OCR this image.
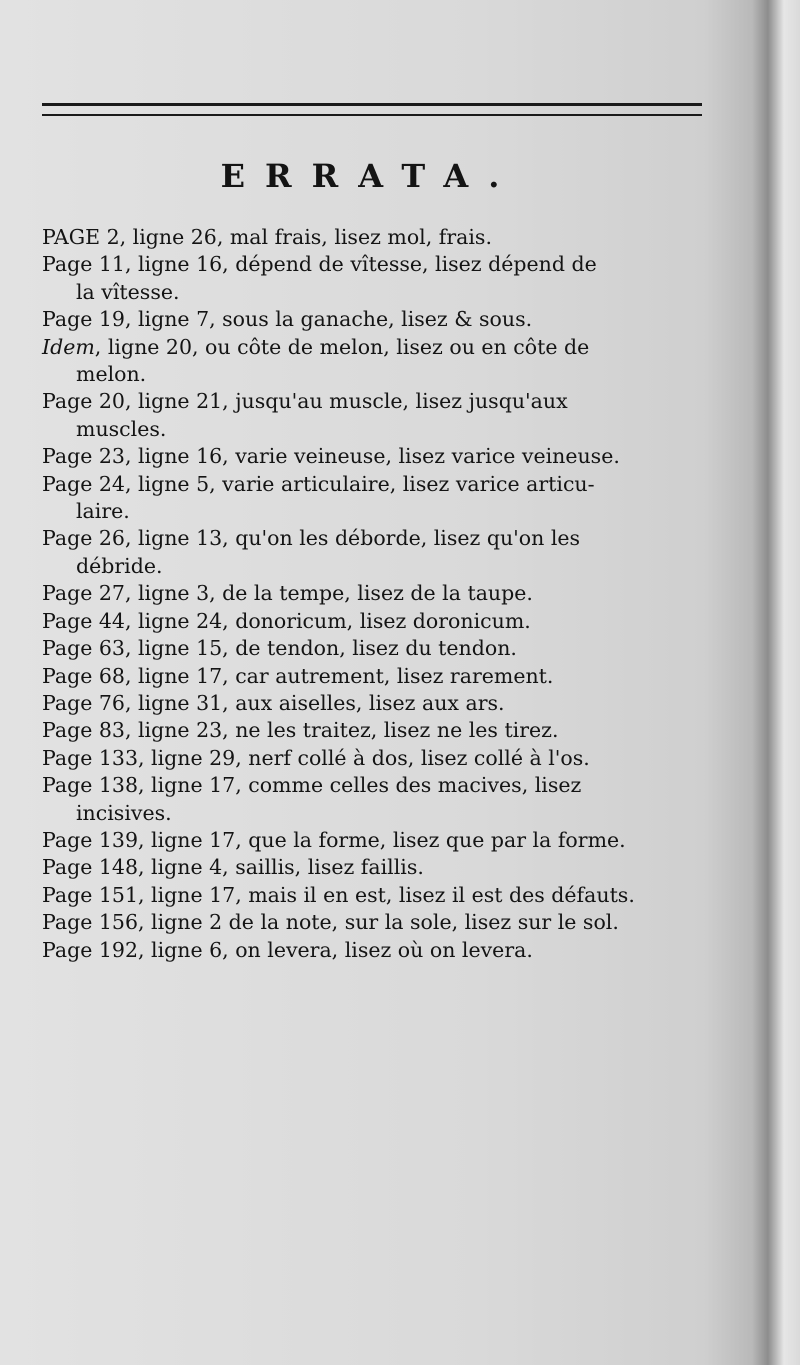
ERRATA.
PAGE 2, ligne 26, mal frais, lisez mol, frais.
Page 11, ligne 16, dépend de vîtesse, lisez dépend de
la vîtesse.
Page 19, ligne 7, sous la ganache, lisez & sous.
Idem, ligne 20, ou côte de melon, lisez ou en côte de
melon.
Page 20, ligne 21, jusqu'au muscle, lisez jusqu'aux
muscles.
Page 23, ligne 16, varie veineuse, lisez varice veineuse.
Page 24, ligne 5, varie articulaire, lisez varice articu-
laire.
Page 26, ligne 13, qu'on les déborde, lisez qu'on les
débride.
Page 27, ligne 3, de la tempe, lisez de la taupe.
Page 44, ligne 24, donoricum, lisez doronicum.
Page 63, ligne 15, de tendon, lisez du tendon.
Page 68, ligne 17, car autrement, lisez rarement.
Page 76, ligne 31, aux aiselles, lisez aux ars.
Page 83, ligne 23, ne les traitez, lisez ne les tirez.
Page 133, ligne 29, nerf collé à dos, lisez collé à l'os.
Page 138, ligne 17, comme celles des macives, lisez
incisives.
Page 139, ligne 17, que la forme, lisez que par la forme.
Page 148, ligne 4, saillis, lisez faillis.
Page 151, ligne 17, mais il en est, lisez il est des défauts.
Page 156, ligne 2 de la note, sur la sole, lisez sur le sol.
Page 192, ligne 6, on levera, lisez où on levera.
